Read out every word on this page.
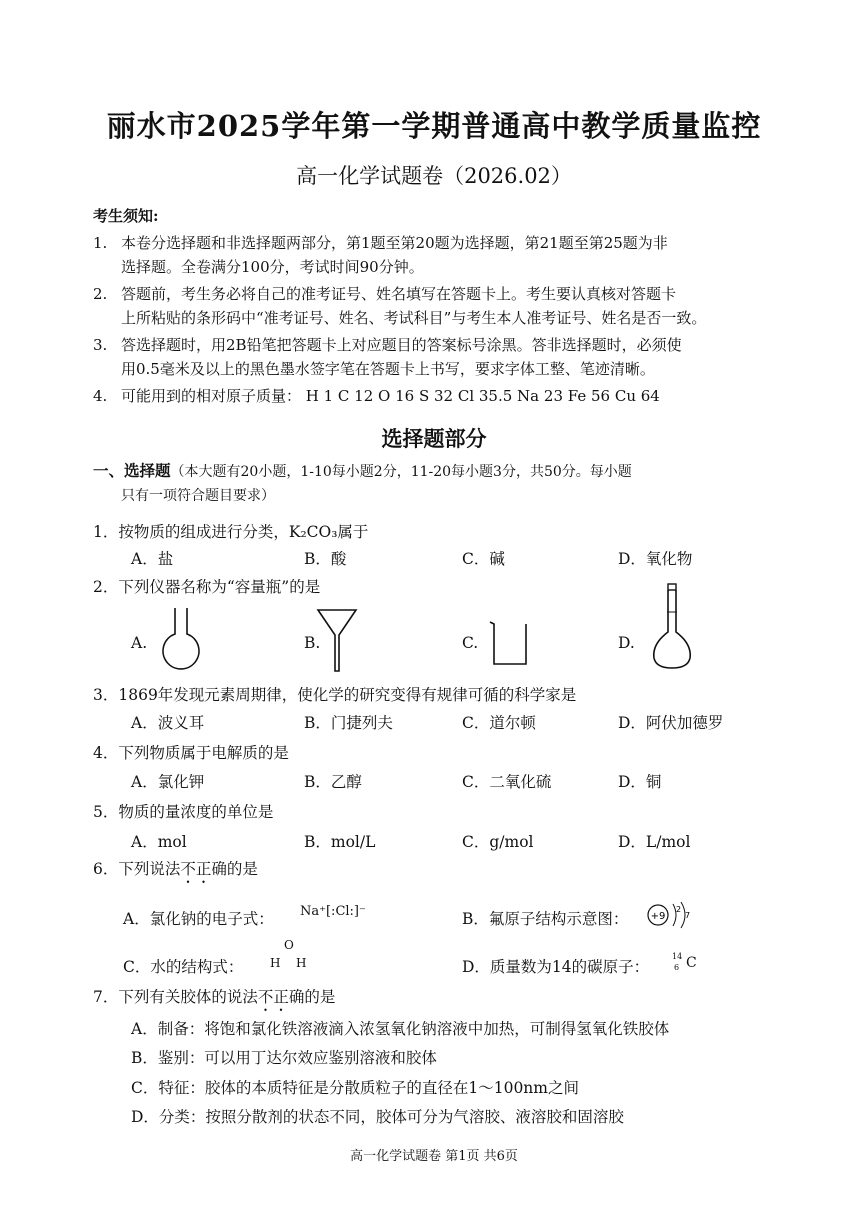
丽水市2025学年第一学期普通高中教学质量监控
高一化学试题卷（2026.02）
考生须知:
1. 本卷分选择题和非选择题两部分，第1题至第20题为选择题，第21题至第25题为非
选择题。全卷满分100分，考试时间90分钟。
2. 答题前，考生务必将自己的准考证号、姓名填写在答题卡上。考生要认真核对答题卡
上所粘贴的条形码中“准考证号、姓名、考试科目”与考生本人准考证号、姓名是否一致。
3. 答选择题时，用2B铅笔把答题卡上对应题目的答案标号涂黑。答非选择题时，必须使
用0.5毫米及以上的黑色墨水签字笔在答题卡上书写，要求字体工整、笔迹清晰。
4. 可能用到的相对原子质量： H 1 C 12 O 16 S 32 Cl 35.5 Na 23 Fe 56 Cu 64
选择题部分
一、选择题（本大题有20小题，1-10每小题2分，11-20每小题3分，共50分。每小题
只有一项符合题目要求）
1．按物质的组成进行分类，K₂CO₃属于
A．盐	B．酸	C．碱	D．氧化物
2．下列仪器名称为“容量瓶”的是
A.	B.	C.	D.
3．1869年发现元素周期律，使化学的研究变得有规律可循的科学家是
A．波义耳	B．门捷列夫	C．道尔顿	D．阿伏加德罗
4．下列物质属于电解质的是
A．氯化钾	B．乙醇	C．二氧化硫	D．铜
5．物质的量浓度的单位是
A．mol	B．mol/L	C．g/mol	D．L/mol
6．下列说法不正确的是
A．氯化钠的电子式： Na⁺[:Cl:]⁻	B．氟原子结构示意图： +9
2
7
C．水的结构式：
O
H H	D．质量数为14的碳原子：
14
6 C
7．下列有关胶体的说法不正确的是
A．制备：将饱和氯化铁溶液滴入浓氢氧化钠溶液中加热，可制得氢氧化铁胶体
B．鉴别：可以用丁达尔效应鉴别溶液和胶体
C．特征：胶体的本质特征是分散质粒子的直径在1～100nm之间
D．分类：按照分散剂的状态不同，胶体可分为气溶胶、液溶胶和固溶胶
高一化学试题卷 第1页 共6页
